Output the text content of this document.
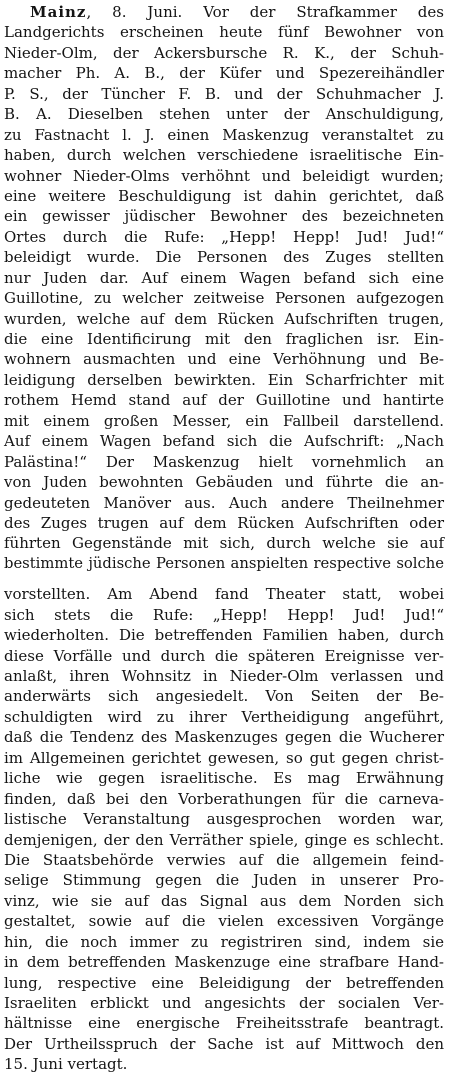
Mainz, 8. Juni. Vor der Strafkammer des
Landgerichts erscheinen heute fünf Bewohner von
Nieder-Olm, der Ackersbursche R. K., der Schuh-
macher Ph. A. B., der Küfer und Spezereihändler
P. S., der Tüncher F. B. und der Schuhmacher J.
B. A. Dieselben stehen unter der Anschuldigung,
zu Fastnacht l. J. einen Maskenzug veranstaltet zu
haben, durch welchen verschiedene israelitische Ein-
wohner Nieder-Olms verhöhnt und beleidigt wurden;
eine weitere Beschuldigung ist dahin gerichtet, daß
ein gewisser jüdischer Bewohner des bezeichneten
Ortes durch die Rufe: „Hepp! Hepp! Jud! Jud!“
beleidigt wurde. Die Personen des Zuges stellten
nur Juden dar. Auf einem Wagen befand sich eine
Guillotine, zu welcher zeitweise Personen aufgezogen
wurden, welche auf dem Rücken Aufschriften trugen,
die eine Identificirung mit den fraglichen isr. Ein-
wohnern ausmachten und eine Verhöhnung und Be-
leidigung derselben bewirkten. Ein Scharfrichter mit
rothem Hemd stand auf der Guillotine und hantirte
mit einem großen Messer, ein Fallbeil darstellend.
Auf einem Wagen befand sich die Aufschrift: „Nach
Palästina!“ Der Maskenzug hielt vornehmlich an
von Juden bewohnten Gebäuden und führte die an-
gedeuteten Manöver aus. Auch andere Theilnehmer
des Zuges trugen auf dem Rücken Aufschriften oder
führten Gegenstände mit sich, durch welche sie auf
bestimmte jüdische Personen anspielten respective solche
vorstellten. Am Abend fand Theater statt, wobei
sich stets die Rufe: „Hepp! Hepp! Jud! Jud!“
wiederholten. Die betreffenden Familien haben, durch
diese Vorfälle und durch die späteren Ereignisse ver-
anlaßt, ihren Wohnsitz in Nieder-Olm verlassen und
anderwärts sich angesiedelt. Von Seiten der Be-
schuldigten wird zu ihrer Vertheidigung angeführt,
daß die Tendenz des Maskenzuges gegen die Wucherer
im Allgemeinen gerichtet gewesen, so gut gegen christ-
liche wie gegen israelitische. Es mag Erwähnung
finden, daß bei den Vorberathungen für die carneva-
listische Veranstaltung ausgesprochen worden war,
demjenigen, der den Verräther spiele, ginge es schlecht.
Die Staatsbehörde verwies auf die allgemein feind-
selige Stimmung gegen die Juden in unserer Pro-
vinz, wie sie auf das Signal aus dem Norden sich
gestaltet, sowie auf die vielen excessiven Vorgänge
hin, die noch immer zu registriren sind, indem sie
in dem betreffenden Maskenzuge eine strafbare Hand-
lung, respective eine Beleidigung der betreffenden
Israeliten erblickt und angesichts der socialen Ver-
hältnisse eine energische Freiheitsstrafe beantragt.
Der Urtheilsspruch der Sache ist auf Mittwoch den
15. Juni vertagt.
